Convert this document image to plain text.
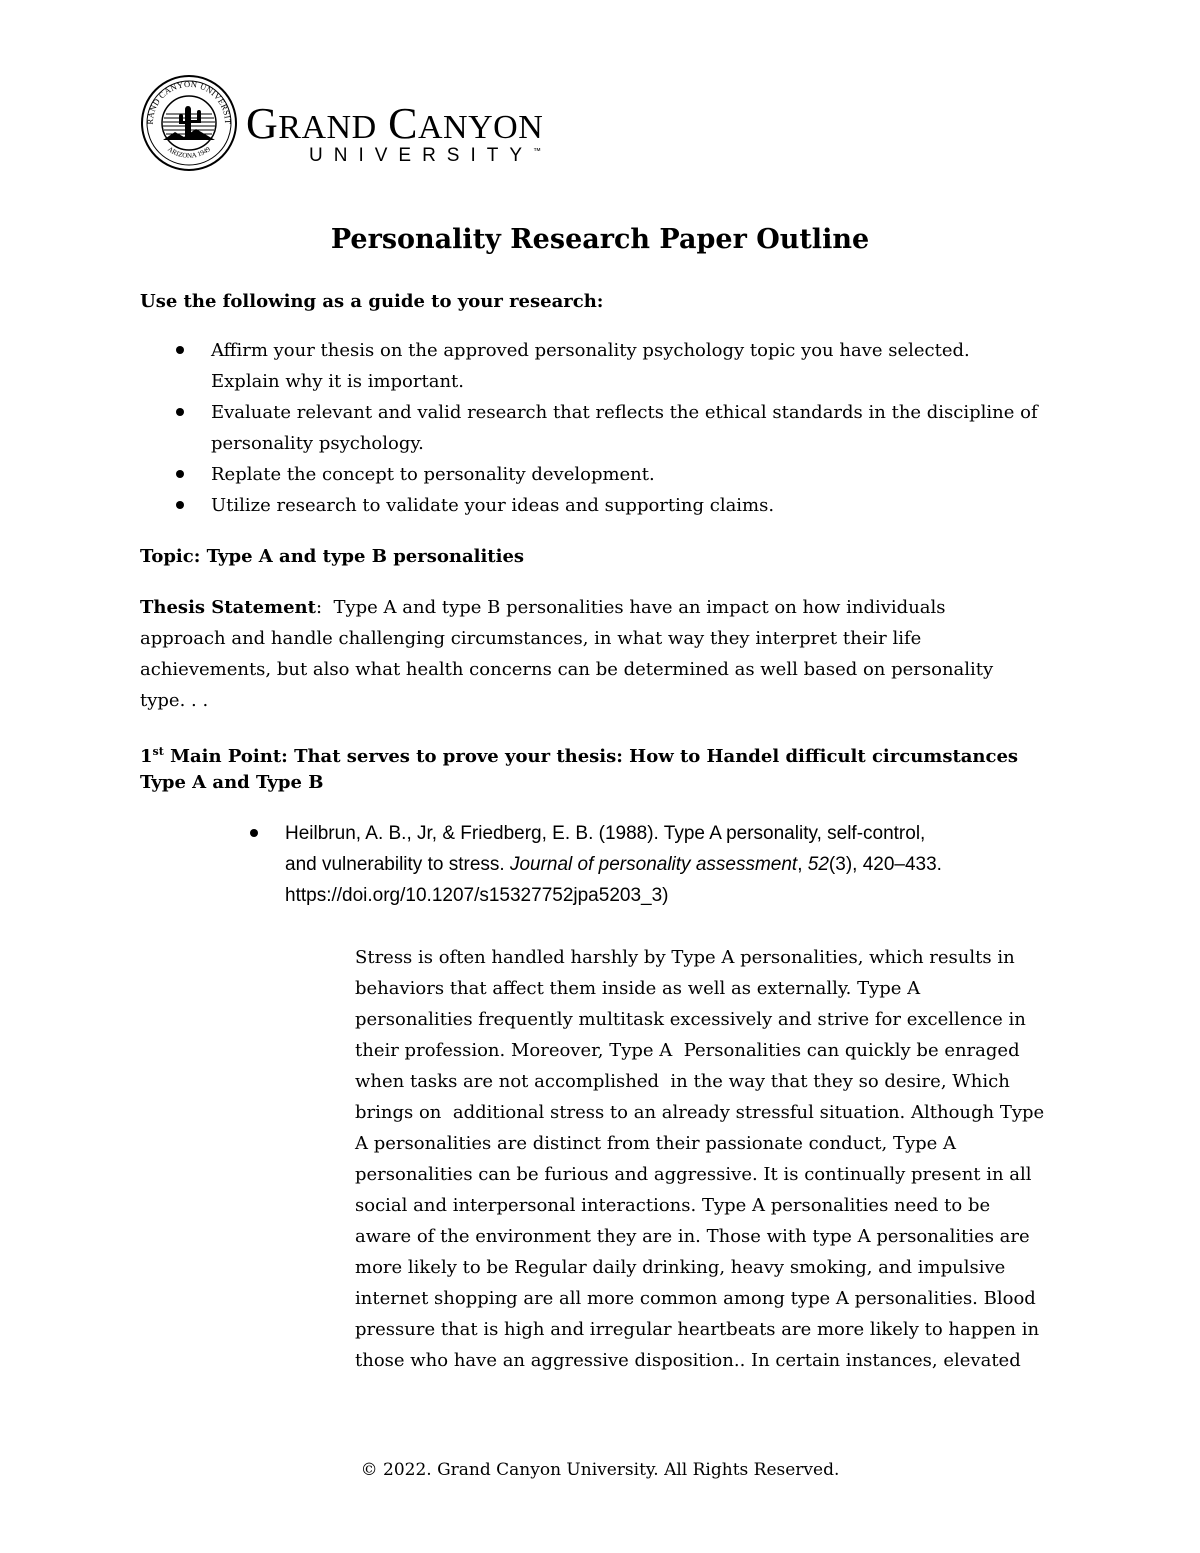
RAND CANYON UNIVERSIT
ARIZONA 1949
GRAND CANYON
UNIVERSITY™
Personality Research Paper Outline
Use the following as a guide to your research:
Affirm your thesis on the approved personality psychology topic you have selected.
Explain why it is important.
Evaluate relevant and valid research that reflects the ethical standards in the discipline of
personality psychology.
Replate the concept to personality development.
Utilize research to validate your ideas and supporting claims.
Topic: Type A and type B personalities
Thesis Statement:  Type A and type B personalities have an impact on how individuals
approach and handle challenging circumstances, in what way they interpret their life
achievements, but also what health concerns can be determined as well based on personality
type. . .
1st Main Point: That serves to prove your thesis: How to Handel difficult circumstances
Type A and Type B
Heilbrun, A. B., Jr, & Friedberg, E. B. (1988). Type A personality, self-control,
and vulnerability to stress. Journal of personality assessment, 52(3), 420–433.
https://doi.org/10.1207/s15327752jpa5203_3)
Stress is often handled harshly by Type A personalities, which results in
behaviors that affect them inside as well as externally. Type A
personalities frequently multitask excessively and strive for excellence in
their profession. Moreover, Type A  Personalities can quickly be enraged
when tasks are not accomplished  in the way that they so desire, Which
brings on  additional stress to an already stressful situation. Although Type
A personalities are distinct from their passionate conduct, Type A
personalities can be furious and aggressive. It is continually present in all
social and interpersonal interactions. Type A personalities need to be
aware of the environment they are in. Those with type A personalities are
more likely to be Regular daily drinking, heavy smoking, and impulsive
internet shopping are all more common among type A personalities. Blood
pressure that is high and irregular heartbeats are more likely to happen in
those who have an aggressive disposition.. In certain instances, elevated
© 2022. Grand Canyon University. All Rights Reserved.
